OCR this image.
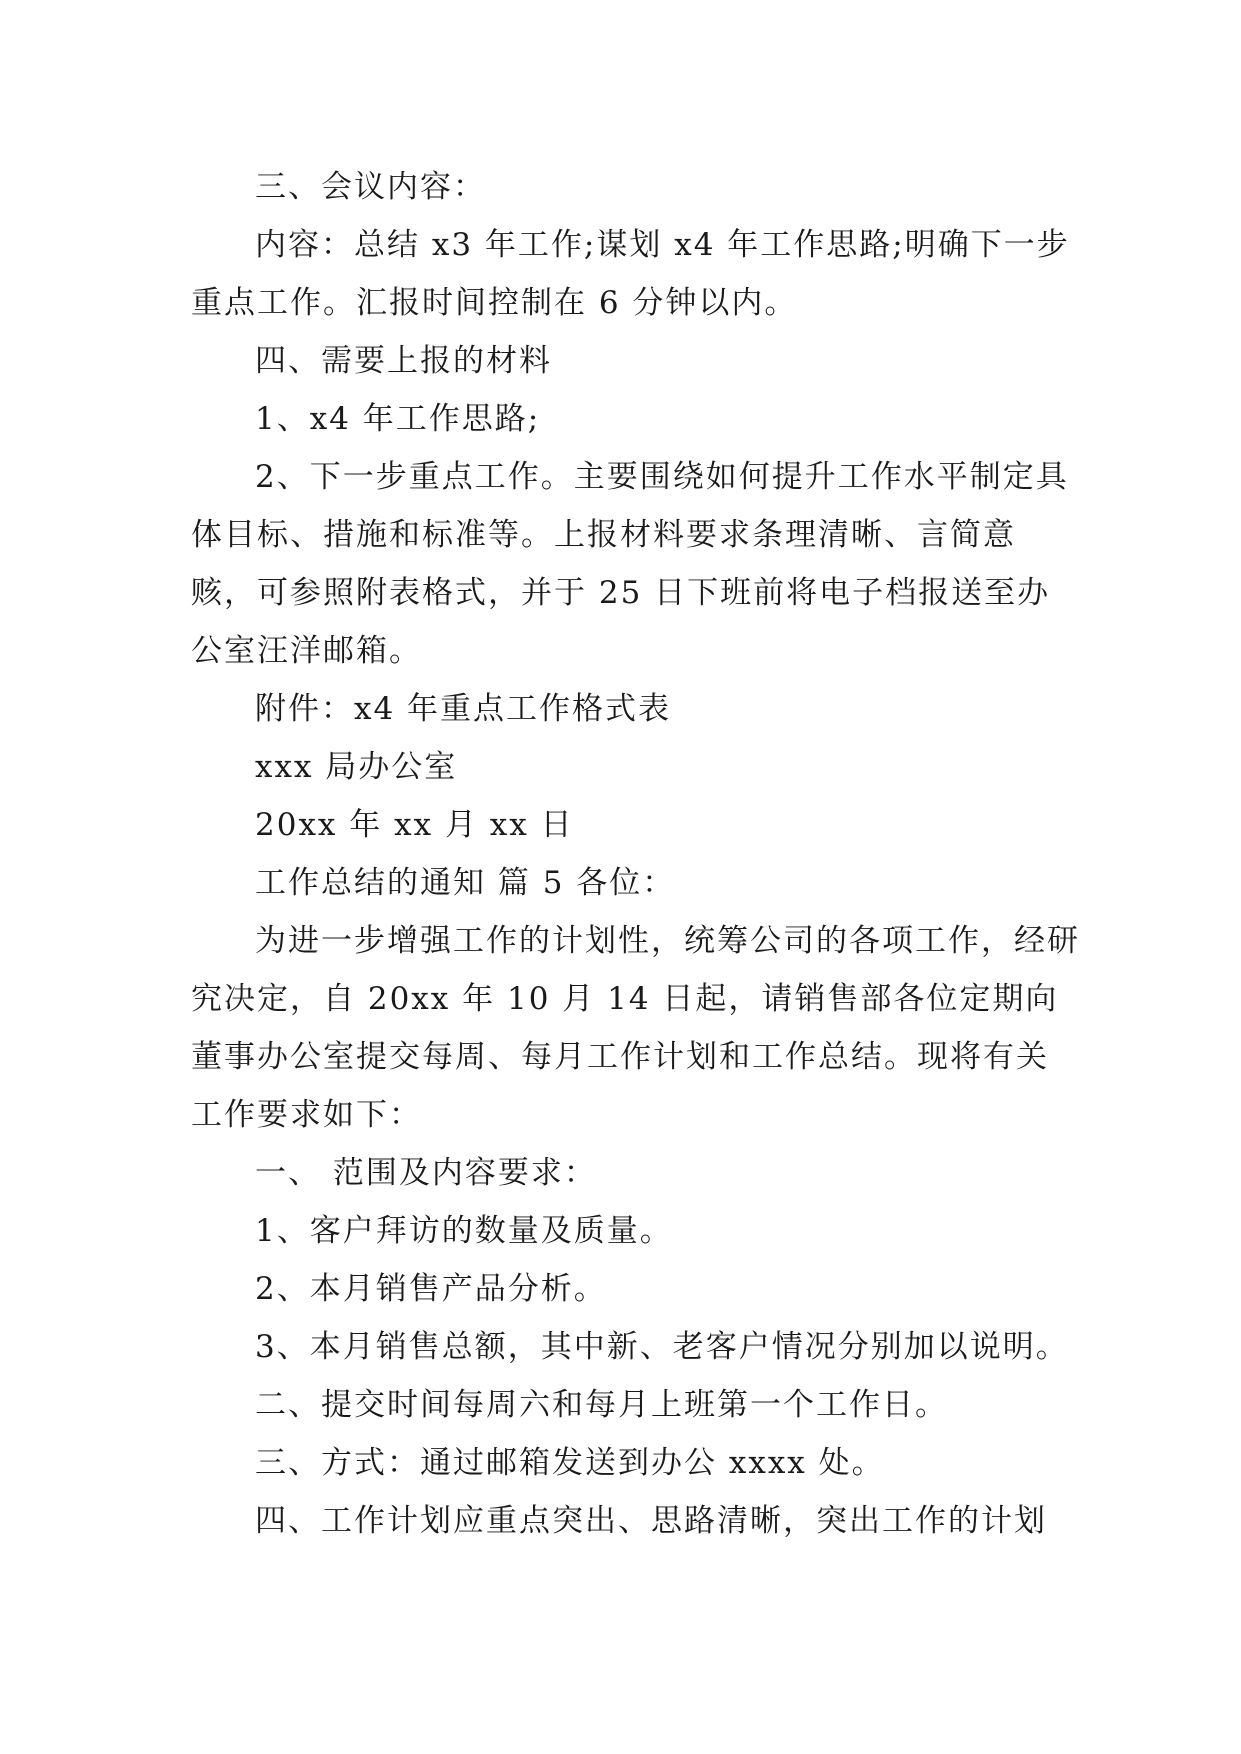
三、会议内容：

内容：总结 x3 年工作;谋划 x4 年工作思路;明确下一步重点工作。汇报时间控制在 6 分钟以内。

四、需要上报的材料

1、x4 年工作思路;

2、下一步重点工作。主要围绕如何提升工作水平制定具体目标、措施和标准等。上报材料要求条理清晰、言简意赅，可参照附表格式，并于 25 日下班前将电子档报送至办公室汪洋邮箱。

附件：x4 年重点工作格式表

xxx 局办公室

20xx 年 xx 月 xx 日

工作总结的通知 篇 5 各位：

为进一步增强工作的计划性，统筹公司的各项工作，经研究决定，自 20xx 年 10 月 14 日起，请销售部各位定期向董事办公室提交每周、每月工作计划和工作总结。现将有关工作要求如下：

一、 范围及内容要求：

1、客户拜访的数量及质量。

2、本月销售产品分析。

3、本月销售总额，其中新、老客户情况分别加以说明。

二、提交时间每周六和每月上班第一个工作日。

三、方式：通过邮箱发送到办公 xxxx 处。

四、工作计划应重点突出、思路清晰，突出工作的计划
